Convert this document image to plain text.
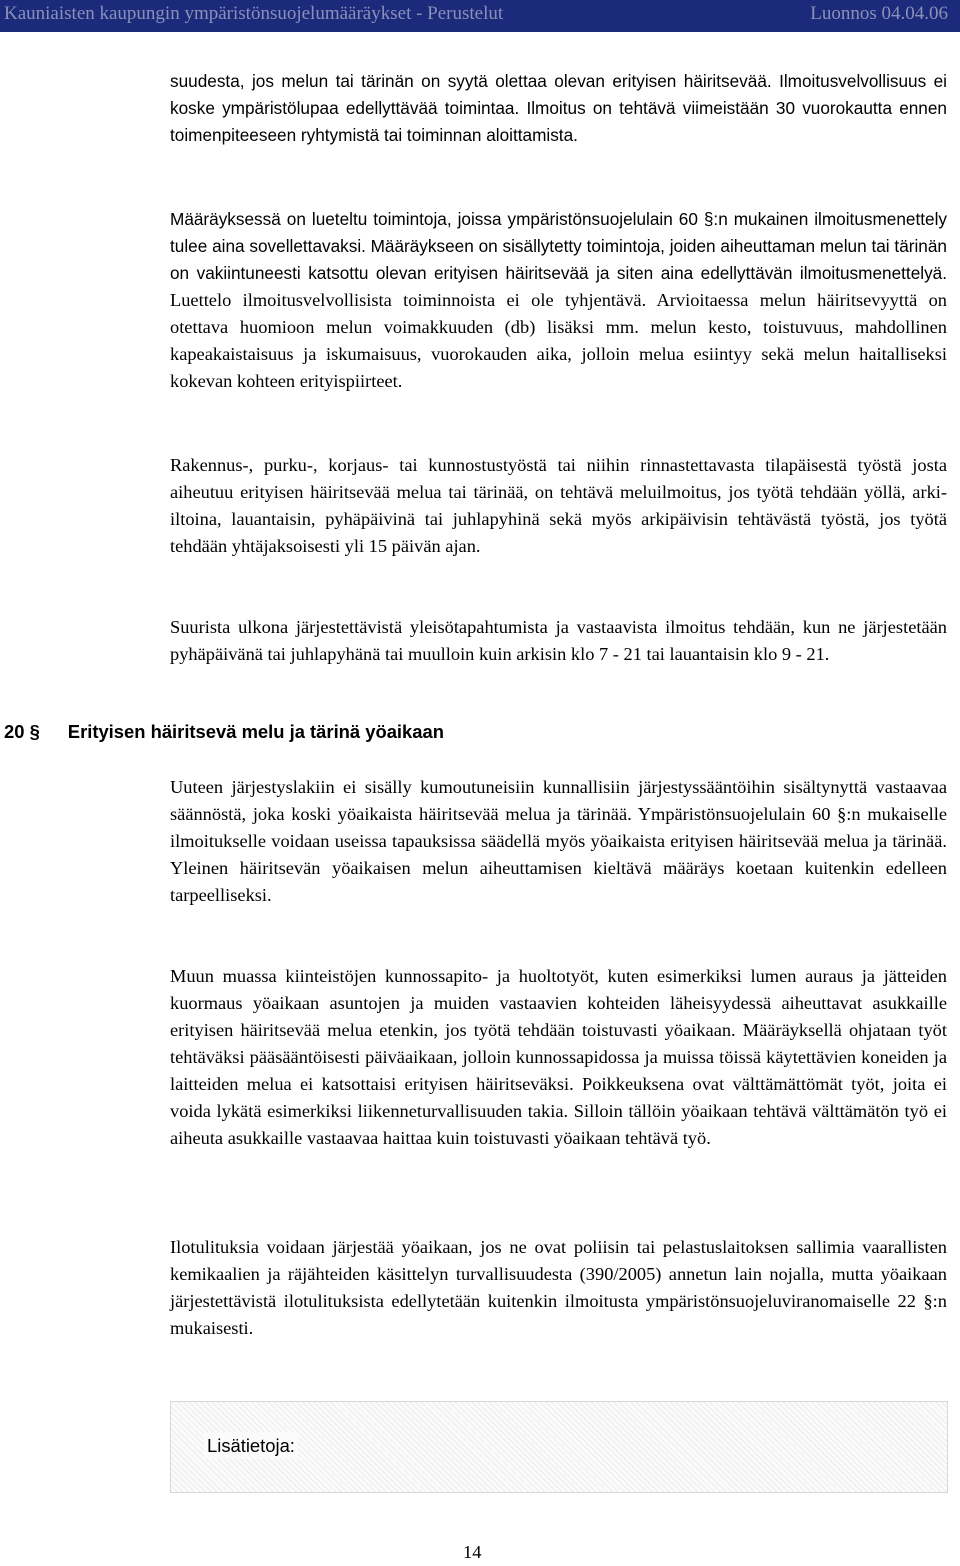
Kauniaisten kaupungin ympäristönsuojelumääräykset - Perustelut	Luonnos 04.04.06

suudesta, jos melun tai tärinän on syytä olettaa olevan erityisen häiritsevää. Ilmoitusvelvollisuus ei koske ympäristölupaa edellyttävää toimintaa. Ilmoitus on tehtävä viimeistään 30 vuorokautta ennen toimenpiteeseen ryhtymistä tai toiminnan aloittamista.

Määräyksessä on lueteltu toimintoja, joissa ympäristönsuojelulain 60 §:n mukainen ilmoitusmenettely tulee aina sovellettavaksi. Määräykseen on sisällytetty toimintoja, joiden aiheuttaman melun tai tärinän on vakiintuneesti katsottu olevan erityisen häiritsevää ja siten aina edellyttävän ilmoitusmenettelyä. Luettelo ilmoitusvelvollisista toiminnoista ei ole tyhjentävä. Arvioitaessa melun häiritsevyyttä on otettava huomioon melun voimakkuuden (db) lisäksi mm. melun kesto, toistuvuus, mahdollinen kapeakaistaisuus ja iskumaisuus, vuorokauden aika, jolloin melua esiintyy sekä melun haitalliseksi kokevan kohteen erityispiirteet.

Rakennus-, purku-, korjaus- tai kunnostustyöstä tai niihin rinnastettavasta tilapäisestä työstä josta aiheutuu erityisen häiritsevää melua tai tärinää, on tehtävä meluilmoitus, jos työtä tehdään yöllä, arki-iltoina, lauantaisin, pyhäpäivinä tai juhlapyhinä sekä myös arkipäivisin tehtävästä työstä, jos työtä tehdään yhtäjaksoisesti yli 15 päivän ajan.

Suurista ulkona järjestettävistä yleisötapahtumista ja vastaavista ilmoitus tehdään, kun ne järjestetään pyhäpäivänä tai juhlapyhänä tai muulloin kuin arkisin klo 7 - 21 tai lauantaisin klo 9 - 21.

20 § Erityisen häiritsevä melu ja tärinä yöaikaan

Uuteen järjestyslakiin ei sisälly kumoutuneisiin kunnallisiin järjestyssääntöihin sisältynyttä vastaavaa säännöstä, joka koski yöaikaista häiritsevää melua ja tärinää. Ympäristönsuojelulain 60 §:n mukaiselle ilmoitukselle voidaan useissa tapauksissa säädellä myös yöaikaista erityisen häiritsevää melua ja tärinää. Yleinen häiritsevän yöaikaisen melun aiheuttamisen kieltävä määräys koetaan kuitenkin edelleen tarpeelliseksi.

Muun muassa kiinteistöjen kunnossapito- ja huoltotyöt, kuten esimerkiksi lumen auraus ja jätteiden kuormaus yöaikaan asuntojen ja muiden vastaavien kohteiden läheisyydessä aiheuttavat asukkaille erityisen häiritsevää melua etenkin, jos työtä tehdään toistuvasti yöaikaan. Määräyksellä ohjataan työt tehtäväksi pääsääntöisesti päiväaikaan, jolloin kunnossapidossa ja muissa töissä käytettävien koneiden ja laitteiden melua ei katsottaisi erityisen häiritseväksi. Poikkeuksena ovat välttämättömät työt, joita ei voida lykätä esimerkiksi liikenneturvallisuuden takia. Silloin tällöin yöaikaan tehtävä välttämätön työ ei aiheuta asukkaille vastaavaa haittaa kuin toistuvasti yöaikaan tehtävä työ.

Ilotulituksia voidaan järjestää yöaikaan, jos ne ovat poliisin tai pelastuslaitoksen sallimia vaarallisten kemikaalien ja räjähteiden käsittelyn turvallisuudesta (390/2005) annetun lain nojalla, mutta yöaikaan järjestettävistä ilotulituksista edellytetään kuitenkin ilmoitusta ympäristönsuojeluviranomaiselle 22 §:n mukaisesti.

Lisätietoja:
14
